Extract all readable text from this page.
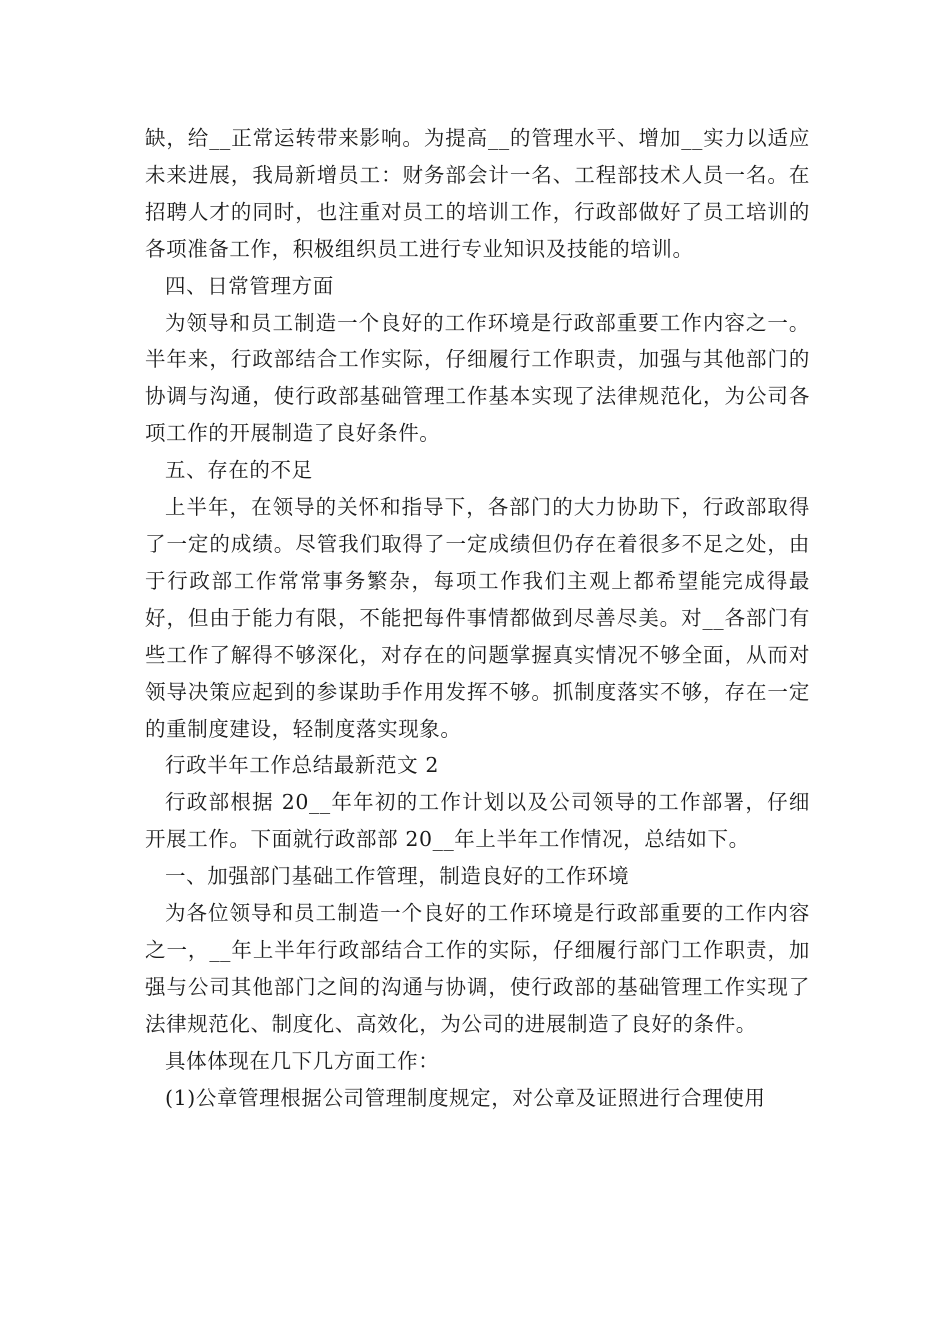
缺，给__正常运转带来影响。为提高__的管理水平、增加__实力以适应未来进展，我局新增员工：财务部会计一名、工程部技术人员一名。在招聘人才的同时，也注重对员工的培训工作，行政部做好了员工培训的各项准备工作，积极组织员工进行专业知识及技能的培训。

四、日常管理方面

为领导和员工制造一个良好的工作环境是行政部重要工作内容之一。半年来，行政部结合工作实际，仔细履行工作职责，加强与其他部门的协调与沟通，使行政部基础管理工作基本实现了法律规范化，为公司各项工作的开展制造了良好条件。

五、存在的不足

上半年，在领导的关怀和指导下，各部门的大力协助下，行政部取得了一定的成绩。尽管我们取得了一定成绩但仍存在着很多不足之处，由于行政部工作常常事务繁杂，每项工作我们主观上都希望能完成得最好，但由于能力有限，不能把每件事情都做到尽善尽美。对__各部门有些工作了解得不够深化，对存在的问题掌握真实情况不够全面，从而对领导决策应起到的参谋助手作用发挥不够。抓制度落实不够，存在一定的重制度建设，轻制度落实现象。

行政半年工作总结最新范文 2

行政部根据 20__年年初的工作计划以及公司领导的工作部署，仔细开展工作。下面就行政部部 20__年上半年工作情况，总结如下。

一、加强部门基础工作管理，制造良好的工作环境

为各位领导和员工制造一个良好的工作环境是行政部重要的工作内容之一，__年上半年行政部结合工作的实际，仔细履行部门工作职责，加强与公司其他部门之间的沟通与协调，使行政部的基础管理工作实现了法律规范化、制度化、高效化，为公司的进展制造了良好的条件。

具体体现在几下几方面工作：

(1)公章管理根据公司管理制度规定，对公章及证照进行合理使用
